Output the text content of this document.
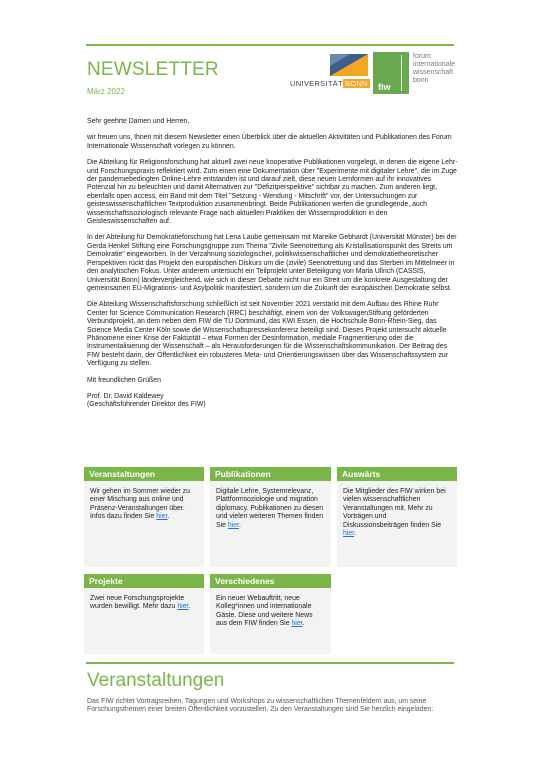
NEWSLETTER
März 2022
UNIVERSITÄT BONN fiw
forum
internationale
wissenschaft
bonn

Sehr geehrte Damen und Herren,

wir freuen uns, Ihnen mit diesem Newsletter einen Überblick über die aktuellen Aktivitäten und Publikationen des Forum Internationale Wissenschaft vorlegen zu können.

Die Abteilung für Religionsforschung hat aktuell zwei neue kooperative Publikationen vorgelegt, in denen die eigene Lehr- und Forschungspraxis reflektiert wird. Zum einen eine Dokumentation über "Experimente mit digitaler Lehre", die im Zuge der pandemiebedingten Online-Lehre entstanden ist und darauf zielt, diese neuen Lernformen auf ihr innovatives Potenzial hin zu beleuchten und damit Alternativen zur "Defizitperspektive" sichtbar zu machen. Zum anderen liegt, ebenfalls open access, ein Band mit dem Titel "Setzung - Wendung - Mitschrift" vor, der Untersuchungen zur geisteswissenschaftlichen Textproduktion zusammenbringt. Beide Publikationen werfen die grundlegende, auch wissenschaftssoziologisch relevante Frage nach aktuellen Praktiken der Wissensproduktion in den Geisteswissenschaften auf.

In der Abteilung für Demokratieforschung hat Lena Laube gemeinsam mit Mareike Gebhardt (Universität Münster) bei der Gerda Henkel Stiftung eine Forschungsgruppe zum Thema "Zivile Seenotrettung als Kristallisationspunkt des Streits um Demokratie" eingeworben. In der Verzahnung soziologischer, politikwissenschaftlicher und demokratietheoretischer Perspektiven rückt das Projekt den europäischen Diskurs um die (zivile) Seenotrettung und das Sterben im Mittelmeer in den analytischen Fokus. Unter anderem untersucht ein Teilprojekt unter Beteiligung von Maria Ullrich (CASSIS, Universität Bonn) ländervergleichend, wie sich in dieser Debatte nicht nur ein Streit um die konkrete Ausgestaltung der gemeinsamen EU-Migrations- und Asylpolitik manifestiert, sondern um die Zukunft der europäischen Demokratie selbst.

Die Abteilung Wissenschaftsforschung schließlich ist seit November 2021 verstärkt mit dem Aufbau des Rhine Ruhr Center for Science Communication Research (RRC) beschäftigt, einem von der VolkswagenStiftung geförderten Verbundprojekt, an dem neben dem FIW die TU Dortmund, das KWI Essen, die Hochschule Bonn-Rhein-Sieg, das Science Media Center Köln sowie die Wissenschaftspressekonferenz beteiligt sind. Dieses Projekt untersucht aktuelle Phänomene einer Krise der Faktizität – etwa Formen der Desinformation, mediale Fragmentierung oder die Instrumentalisierung der Wissenschaft – als Herausforderungen für die Wissenschaftskommunikation. Der Beitrag des FIW besteht darin, der Öffentlichkeit ein robusteres Meta- und Orientierungswissen über das Wissenschaftssystem zur Verfügung zu stellen.

Mit freundlichen Grüßen

Prof. Dr. David Kaldewey
(Geschäftsführender Direktor des FIW)
Veranstaltungen
Wir gehen im Sommer wieder zu einer Mischung aus online und Präsenz-Veranstaltungen über. Infos dazu finden Sie hier.
Publikationen
Digitale Lehre, Systemrelevanz, Plattformsoziologie und migration diplomacy. Publikationen zu diesen und vielen weiteren Themen finden Sie hier.
Auswärts
Die Mitglieder des FIW wirken bei vielen wissenschaftlichen Veranstaltungen mit. Mehr zu Vorträgen und Diskussionsbeiträgen finden Sie hier.
Projekte
Zwei neue Forschungsprojekte wurden bewilligt. Mehr dazu hier.
Verschiedenes
Ein neuer Webauftritt, neue Kolleg*innen und internationale Gäste. Diese und weitere News aus dem FIW finden Sie hier.
Veranstaltungen
Das FIW richtet Vortragsreihen, Tagungen und Workshops zu wissenschaftlichen Themenfeldern aus, um seine Forschungsthemen einer breiten Öffentlichkeit vorzustellen. Zu den Veranstaltungen sind Sie herzlich eingeladen:
